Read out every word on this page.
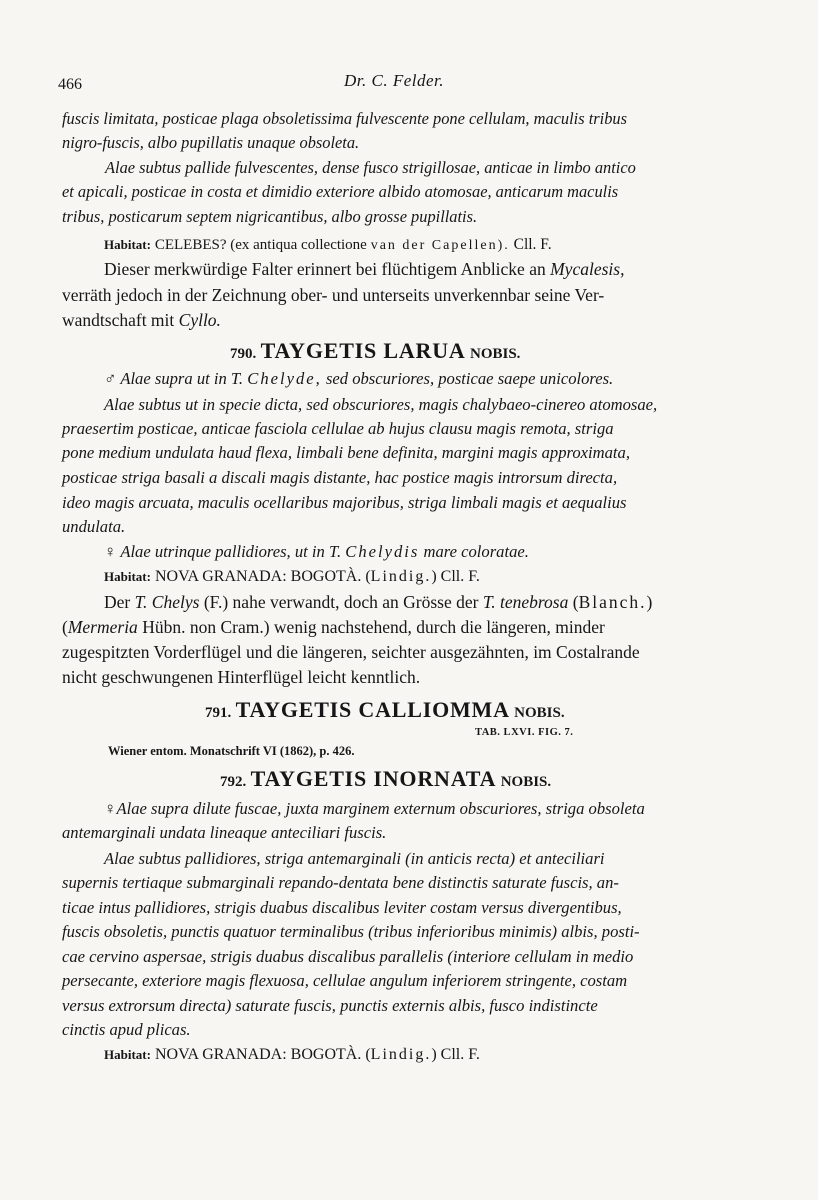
466	Dr. C. Felder.
fuscis limitata, posticae plaga obsoletissima fulvescente pone cellulam, maculis tribus
nigro-fuscis, albo pupillatis unaque obsoleta.
Alae subtus pallide fulvescentes, dense fusco strigillosae, anticae in limbo antico
et apicali, posticae in costa et dimidio exteriore albido atomosae, anticarum maculis
tribus, posticarum septem nigricantibus, albo grosse pupillatis.
Habitat: CELEBES? (ex antiqua collectione van der Capellen). Cll. F.
Dieser merkwürdige Falter erinnert bei flüchtigem Anblicke an Mycalesis,
verräth jedoch in der Zeichnung ober- und unterseits unverkennbar seine Ver-
wandtschaft mit Cyllo.
790. TAYGETIS LARUA NOBIS.
♂ Alae supra ut in T. Chelyde, sed obscuriores, posticae saepe unicolores.
Alae subtus ut in specie dicta, sed obscuriores, magis chalybaeo-cinereo atomosae,
praesertim posticae, anticae fasciola cellulae ab hujus clausu magis remota, striga
pone medium undulata haud flexa, limbali bene definita, margini magis approximata,
posticae striga basali a discali magis distante, hac postice magis introrsum directa,
ideo magis arcuata, maculis ocellaribus majoribus, striga limbali magis et aequalius
undulata.
♀ Alae utrinque pallidiores, ut in T. Chelydis mare coloratae.
Habitat: NOVA GRANADA: BOGOTÀ. (Lindig.) Cll. F.
Der T. Chelys (F.) nahe verwandt, doch an Grösse der T. tenebrosa (Blanch.)
(Mermeria Hübn. non Cram.) wenig nachstehend, durch die längeren, minder
zugespitzten Vorderflügel und die längeren, seichter ausgezähnten, im Costalrande
nicht geschwungenen Hinterflügel leicht kenntlich.
791. TAYGETIS CALLIOMMA NOBIS.
TAB. LXVI. FIG. 7.
Wiener entom. Monatschrift VI (1862), p. 426.
792. TAYGETIS INORNATA NOBIS.
♀Alae supra dilute fuscae, juxta marginem externum obscuriores, striga obsoleta
antemarginali undata lineaque anteciliari fuscis.
Alae subtus pallidiores, striga antemarginali (in anticis recta) et anteciliari
supernis tertiaque submarginali repando-dentata bene distinctis saturate fuscis, an-
ticae intus pallidiores, strigis duabus discalibus leviter costam versus divergentibus,
fuscis obsoletis, punctis quatuor terminalibus (tribus inferioribus minimis) albis, posti-
cae cervino aspersae, strigis duabus discalibus parallelis (interiore cellulam in medio
persecante, exteriore magis flexuosa, cellulae angulum inferiorem stringente, costam
versus extrorsum directa) saturate fuscis, punctis externis albis, fusco indistincte
cinctis apud plicas.
Habitat: NOVA GRANADA: BOGOTÀ. (Lindig.) Cll. F.
